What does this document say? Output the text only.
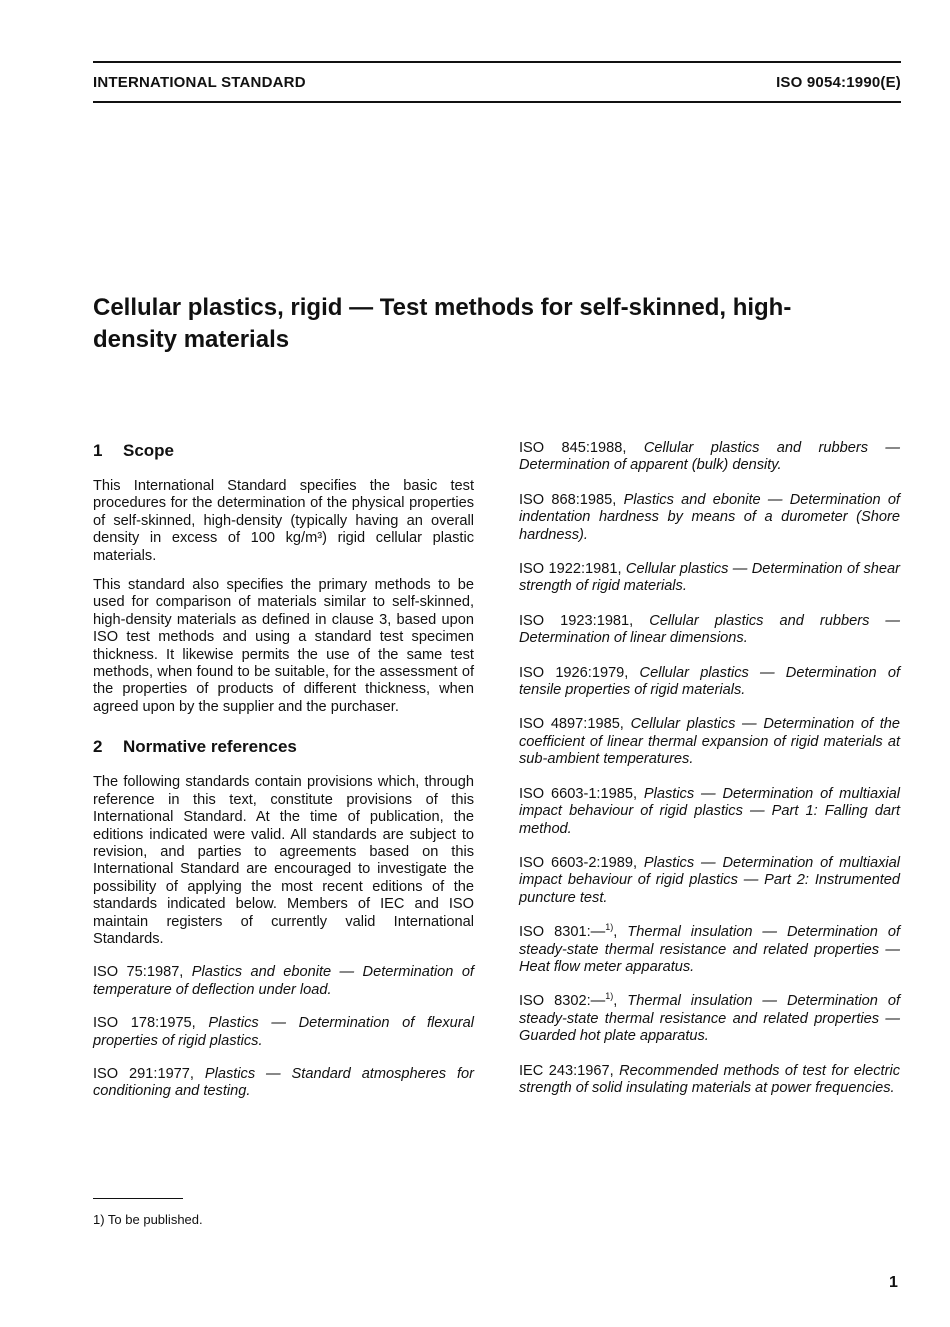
INTERNATIONAL STANDARD	ISO 9054:1990(E)
Cellular plastics, rigid — Test methods for self-skinned, high-density materials
1 Scope

This International Standard specifies the basic test procedures for the determination of the physical properties of self-skinned, high-density (typically having an overall density in excess of 100 kg/m³) rigid cellular plastic materials.

This standard also specifies the primary methods to be used for comparison of materials similar to self-skinned, high-density materials as defined in clause 3, based upon ISO test methods and using a standard test specimen thickness. It likewise permits the use of the same test methods, when found to be suitable, for the assessment of the properties of products of different thickness, when agreed upon by the supplier and the purchaser.

2 Normative references

The following standards contain provisions which, through reference in this text, constitute provisions of this International Standard. At the time of publication, the editions indicated were valid. All standards are subject to revision, and parties to agreements based on this International Standard are encouraged to investigate the possibility of applying the most recent editions of the standards indicated below. Members of IEC and ISO maintain registers of currently valid International Standards.

ISO 75:1987, Plastics and ebonite — Determination of temperature of deflection under load.

ISO 178:1975, Plastics — Determination of flexural properties of rigid plastics.

ISO 291:1977, Plastics — Standard atmospheres for conditioning and testing.

ISO 845:1988, Cellular plastics and rubbers — Determination of apparent (bulk) density.

ISO 868:1985, Plastics and ebonite — Determination of indentation hardness by means of a durometer (Shore hardness).

ISO 1922:1981, Cellular plastics — Determination of shear strength of rigid materials.

ISO 1923:1981, Cellular plastics and rubbers — Determination of linear dimensions.

ISO 1926:1979, Cellular plastics — Determination of tensile properties of rigid materials.

ISO 4897:1985, Cellular plastics — Determination of the coefficient of linear thermal expansion of rigid materials at sub-ambient temperatures.

ISO 6603-1:1985, Plastics — Determination of multiaxial impact behaviour of rigid plastics — Part 1: Falling dart method.

ISO 6603-2:1989, Plastics — Determination of multiaxial impact behaviour of rigid plastics — Part 2: Instrumented puncture test.

ISO 8301:—$^{1)}$, Thermal insulation — Determination of steady-state thermal resistance and related properties — Heat flow meter apparatus.

ISO 8302:—$^{1)}$, Thermal insulation — Determination of steady-state thermal resistance and related properties — Guarded hot plate apparatus.

IEC 243:1967, Recommended methods of test for electric strength of solid insulating materials at power frequencies.

1) To be published.
1
